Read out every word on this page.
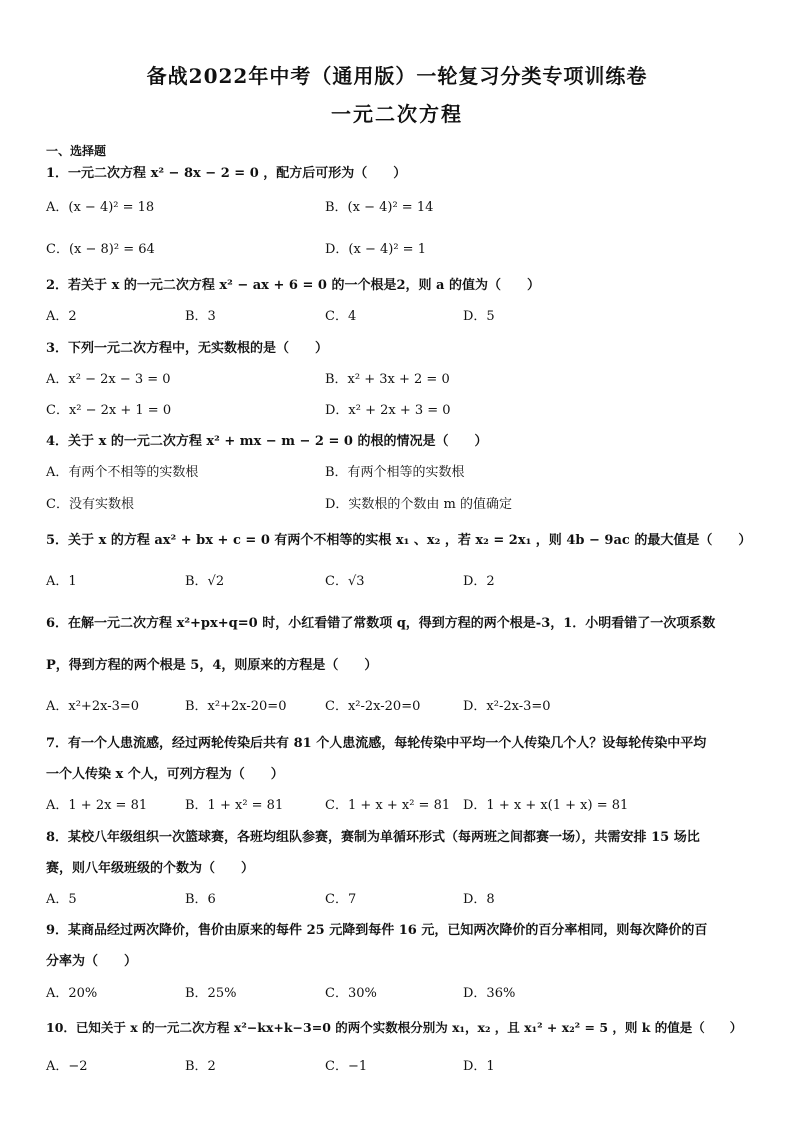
备战2022年中考（通用版）一轮复习分类专项训练卷
一元二次方程
一、选择题
1．一元二次方程 x² − 8x − 2 = 0 ，配方后可形为（　　）
A．(x − 4)² = 18	B．(x − 4)² = 14
C．(x − 8)² = 64	D．(x − 4)² = 1
2．若关于 x 的一元二次方程 x² − ax + 6 = 0 的一个根是2，则 a 的值为（　　）
A．2	B．3	C．4	D．5
3．下列一元二次方程中，无实数根的是（　　）
A．x² − 2x − 3 = 0	B．x² + 3x + 2 = 0
C．x² − 2x + 1 = 0	D．x² + 2x + 3 = 0
4．关于 x 的一元二次方程 x² + mx − m − 2 = 0 的根的情况是（　　）
A．有两个不相等的实数根	B．有两个相等的实数根
C．没有实数根	D．实数根的个数由 m 的值确定
5．关于 x 的方程 ax² + bx + c = 0 有两个不相等的实根 x₁ 、x₂ ，若 x₂ = 2x₁ ，则 4b − 9ac 的最大值是（　　）
A．1	B．√2	C．√3	D．2
6．在解一元二次方程 x²+px+q=0 时，小红看错了常数项 q，得到方程的两个根是-3，1．小明看错了一次项系数
P，得到方程的两个根是 5，4，则原来的方程是（　　）
A．x²+2x-3=0	B．x²+2x-20=0	C．x²-2x-20=0	D．x²-2x-3=0
7．有一个人患流感，经过两轮传染后共有 81 个人患流感，每轮传染中平均一个人传染几个人？设每轮传染中平均
一个人传染 x 个人，可列方程为（　　）
A．1 + 2x = 81	B．1 + x² = 81	C．1 + x + x² = 81 D．1 + x + x(1 + x) = 81
8．某校八年级组织一次篮球赛，各班均组队参赛，赛制为单循环形式（每两班之间都赛一场），共需安排 15 场比
赛，则八年级班级的个数为（　　）
A．5	B．6	C．7	D．8
9．某商品经过两次降价，售价由原来的每件 25 元降到每件 16 元，已知两次降价的百分率相同，则每次降价的百
分率为（　　）
A．20%	B．25%	C．30%	D．36%
10．已知关于 x 的一元二次方程 x²−kx+k−3=0 的两个实数根分别为 x₁，x₂ ，且 x₁² + x₂² = 5 ，则 k 的值是（　　）
A．−2	B．2	C．−1	D．1
